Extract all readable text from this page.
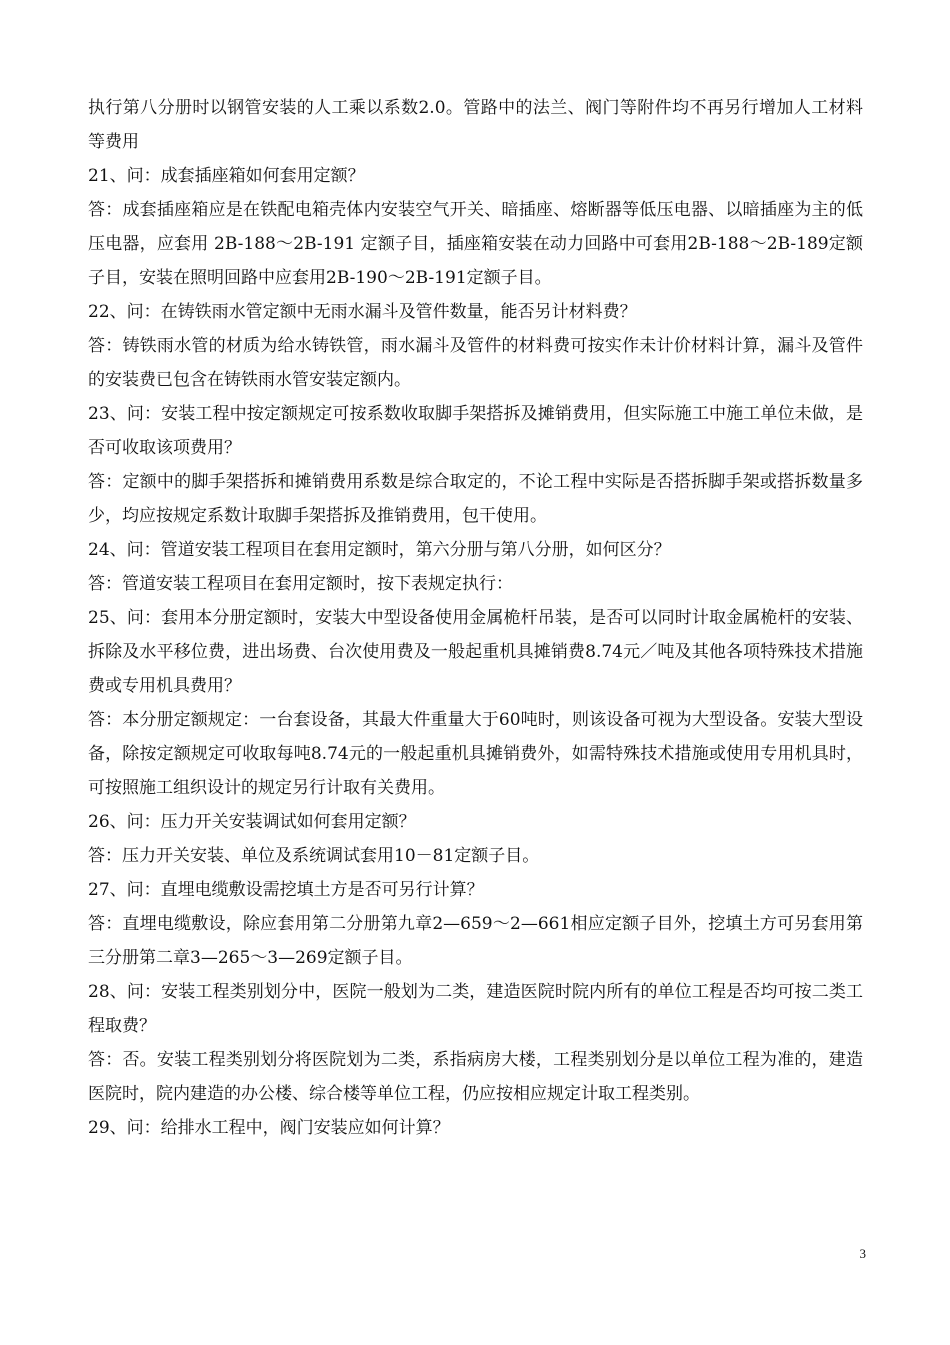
执行第八分册时以钢管安装的人工乘以系数2.0。管路中的法兰、阀门等附件均不再另行增加人工材料等费用

21、问：成套插座箱如何套用定额？

答：成套插座箱应是在铁配电箱壳体内安装空气开关、暗插座、熔断器等低压电器、以暗插座为主的低压电器，应套用 2B-188～2B-191 定额子目，插座箱安装在动力回路中可套用2B-188～2B-189定额子目，安装在照明回路中应套用2B-190～2B-191定额子目。

22、问：在铸铁雨水管定额中无雨水漏斗及管件数量，能否另计材料费？

答：铸铁雨水管的材质为给水铸铁管，雨水漏斗及管件的材料费可按实作未计价材料计算，漏斗及管件的安装费已包含在铸铁雨水管安装定额内。

23、问：安装工程中按定额规定可按系数收取脚手架搭拆及摊销费用，但实际施工中施工单位未做，是否可收取该项费用？

答：定额中的脚手架搭拆和摊销费用系数是综合取定的，不论工程中实际是否搭拆脚手架或搭拆数量多少，均应按规定系数计取脚手架搭拆及推销费用，包干使用。

24、问：管道安装工程项目在套用定额时，第六分册与第八分册，如何区分？

答：管道安装工程项目在套用定额时，按下表规定执行：

25、问：套用本分册定额时，安装大中型设备使用金属桅杆吊装，是否可以同时计取金属桅杆的安装、拆除及水平移位费，进出场费、台次使用费及一般起重机具摊销费8.74元／吨及其他各项特殊技术措施费或专用机具费用？

答：本分册定额规定：一台套设备，其最大件重量大于60吨时，则该设备可视为大型设备。安装大型设备，除按定额规定可收取每吨8.74元的一般起重机具摊销费外，如需特殊技术措施或使用专用机具时，可按照施工组织设计的规定另行计取有关费用。

26、问：压力开关安装调试如何套用定额？

答：压力开关安装、单位及系统调试套用10－81定额子目。

27、问：直埋电缆敷设需挖填土方是否可另行计算？

答：直埋电缆敷设，除应套用第二分册第九章2—659～2—661相应定额子目外，挖填土方可另套用第三分册第二章3—265～3—269定额子目。

28、问：安装工程类别划分中，医院一般划为二类，建造医院时院内所有的单位工程是否均可按二类工程取费？

答：否。安装工程类别划分将医院划为二类，系指病房大楼，工程类别划分是以单位工程为准的，建造医院时，院内建造的办公楼、综合楼等单位工程，仍应按相应规定计取工程类别。

29、问：给排水工程中，阀门安装应如何计算？

3
